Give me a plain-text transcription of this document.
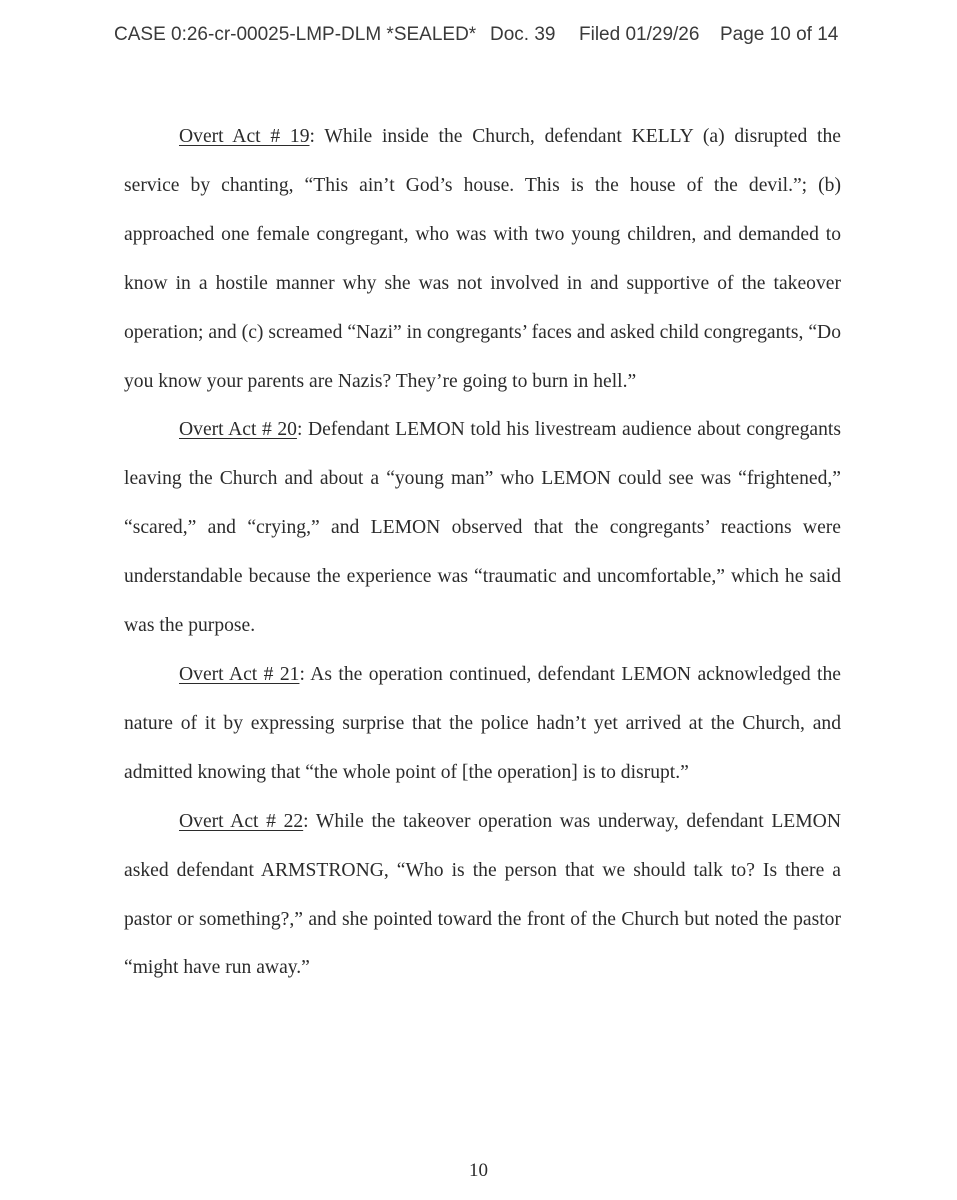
CASE 0:26-cr-00025-LMP-DLM *SEALED* Doc. 39 Filed 01/29/26 Page 10 of 14

Overt Act # 19: While inside the Church, defendant KELLY (a) disrupted the service by chanting, “This ain’t God’s house. This is the house of the devil.”; (b) approached one female congregant, who was with two young children, and demanded to know in a hostile manner why she was not involved in and supportive of the takeover operation; and (c) screamed “Nazi” in congregants’ faces and asked child congregants, “Do you know your parents are Nazis? They’re going to burn in hell.”

Overt Act # 20: Defendant LEMON told his livestream audience about congregants leaving the Church and about a “young man” who LEMON could see was “frightened,” “scared,” and “crying,” and LEMON observed that the congregants’ reactions were understandable because the experience was “traumatic and uncomfortable,” which he said was the purpose.

Overt Act # 21: As the operation continued, defendant LEMON acknowledged the nature of it by expressing surprise that the police hadn’t yet arrived at the Church, and admitted knowing that “the whole point of [the operation] is to disrupt.”

Overt Act # 22: While the takeover operation was underway, defendant LEMON asked defendant ARMSTRONG, “Who is the person that we should talk to? Is there a pastor or something?,” and she pointed toward the front of the Church but noted the pastor “might have run away.”

10
